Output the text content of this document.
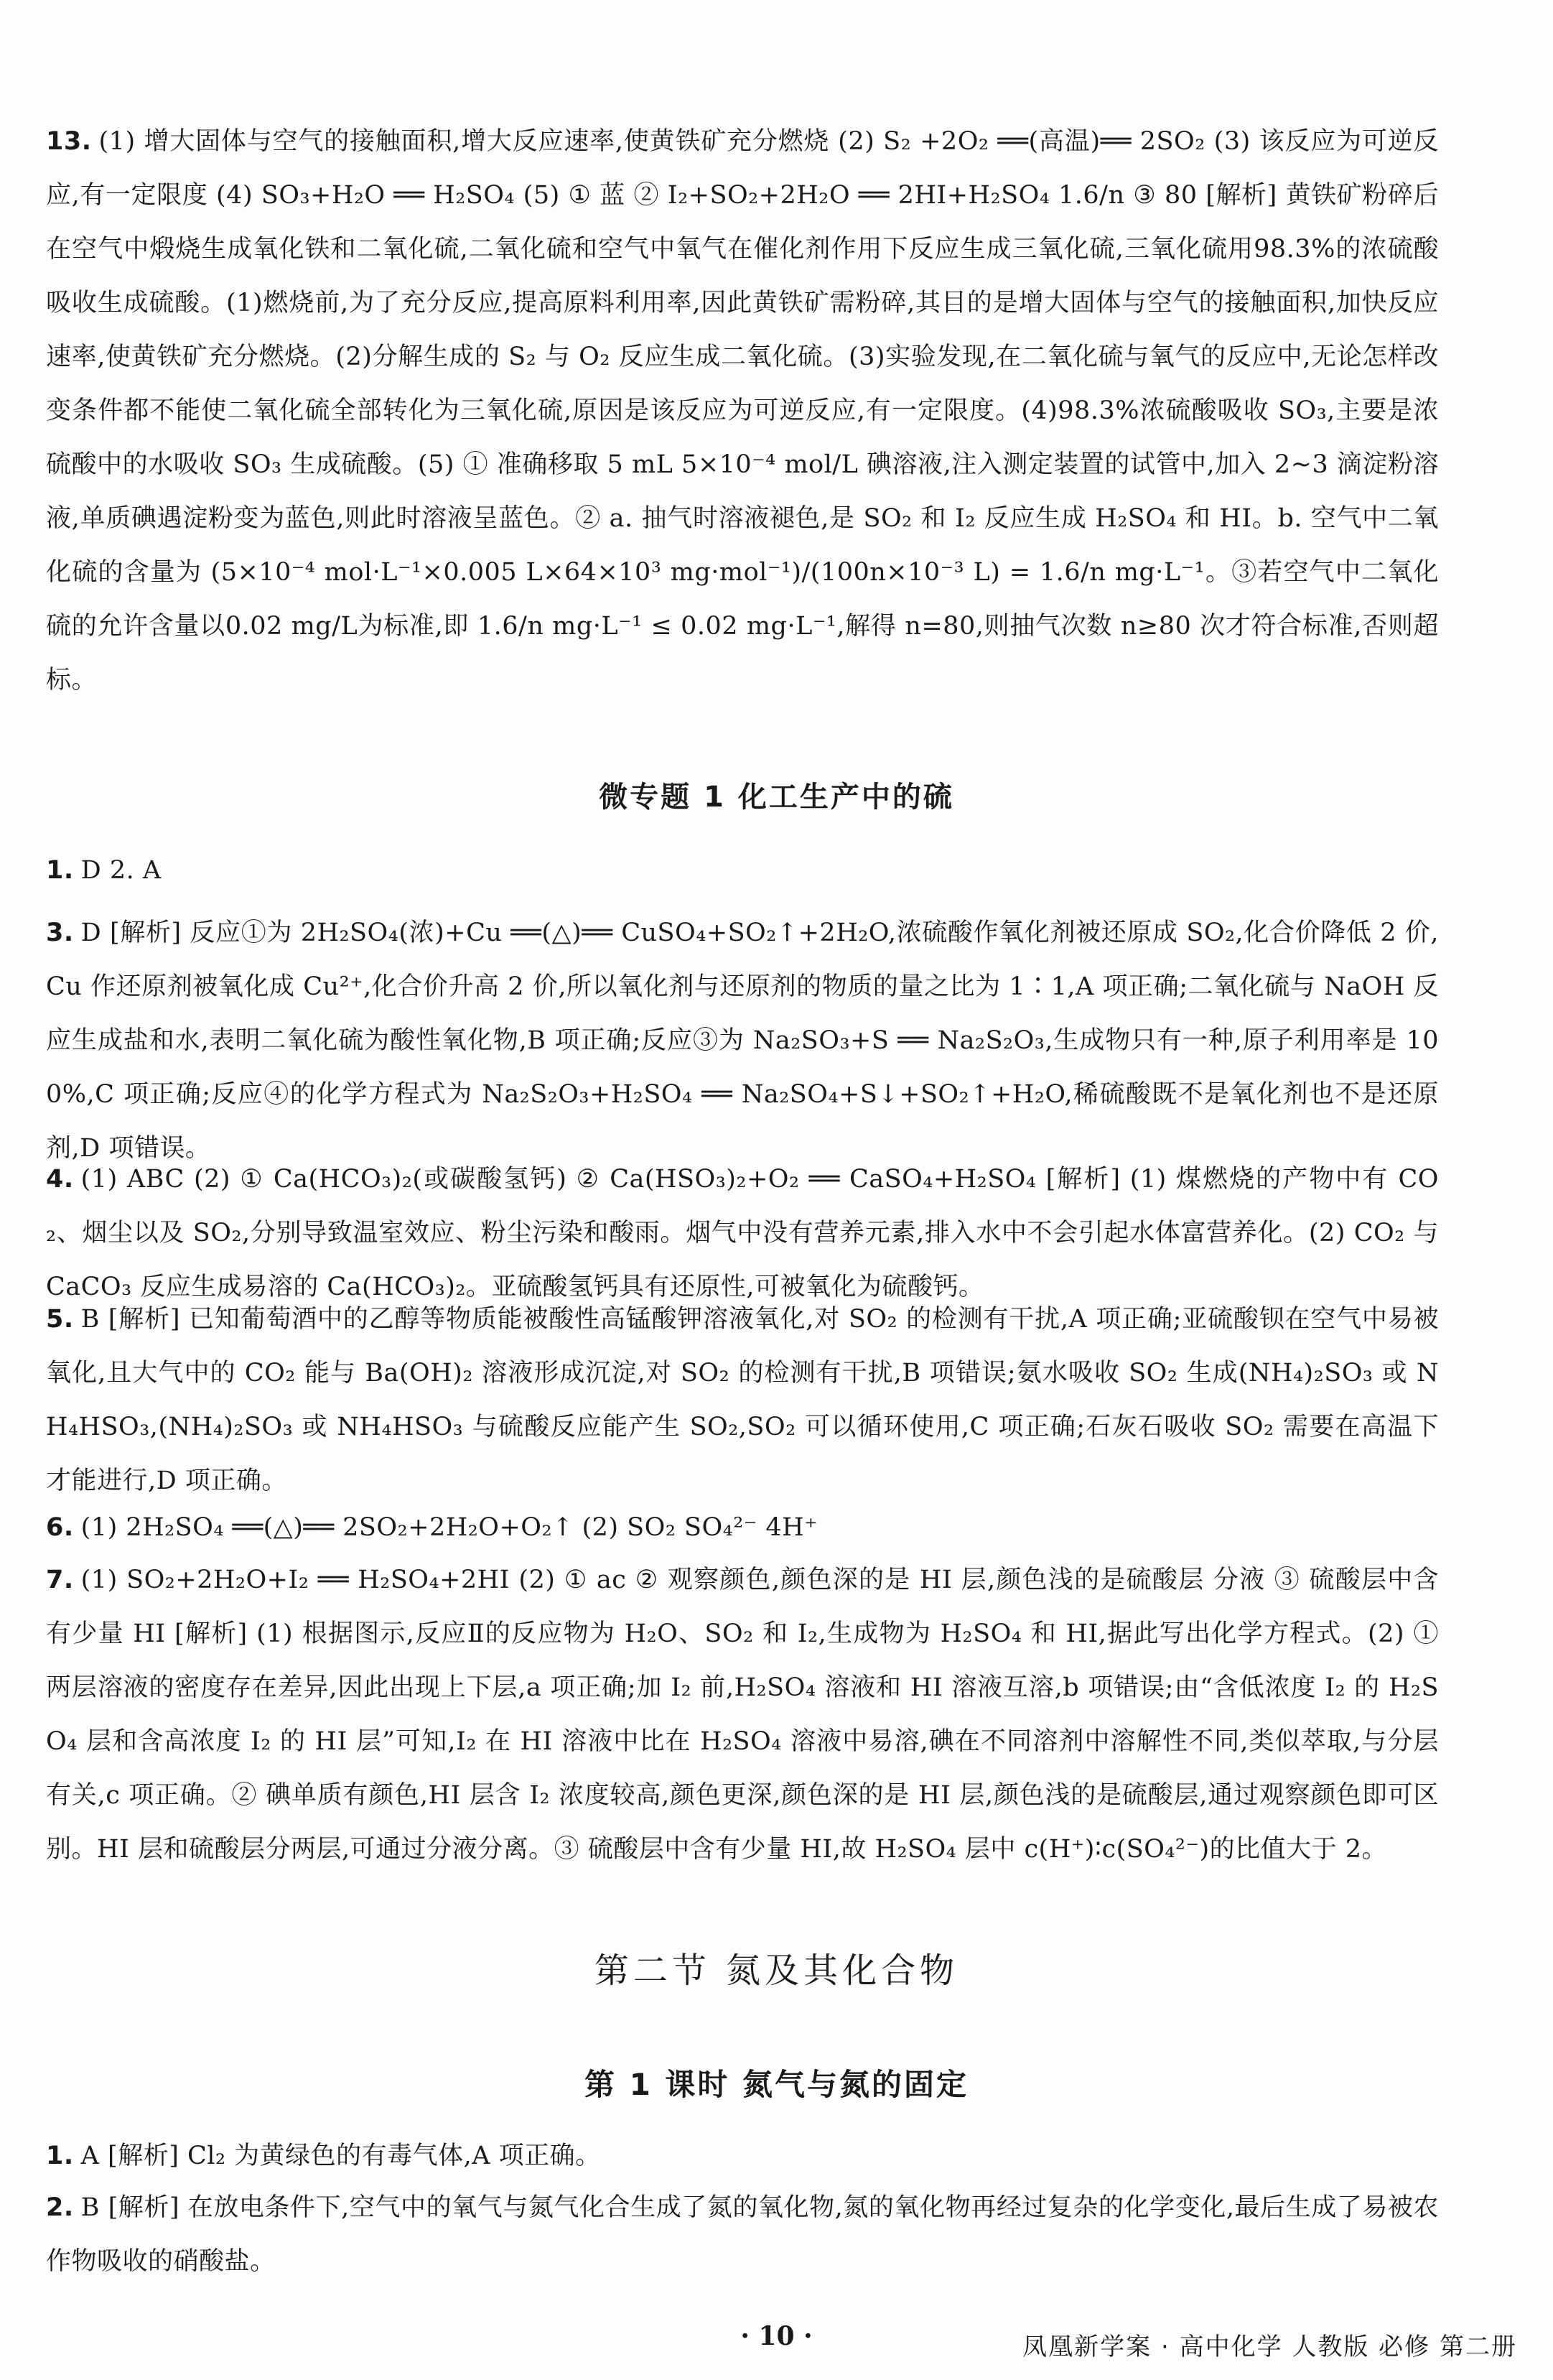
13. (1) 增大固体与空气的接触面积,增大反应速率,使黄铁矿充分燃烧 (2) S₂ +2O₂ ══(高温)══ 2SO₂ (3) 该反应为可逆反应,有一定限度 (4) SO₃+H₂O ══ H₂SO₄ (5) ① 蓝 ② I₂+SO₂+2H₂O ══ 2HI+H₂SO₄ 1.6/n ③ 80 [解析] 黄铁矿粉碎后在空气中煅烧生成氧化铁和二氧化硫,二氧化硫和空气中氧气在催化剂作用下反应生成三氧化硫,三氧化硫用98.3%的浓硫酸吸收生成硫酸。(1)燃烧前,为了充分反应,提高原料利用率,因此黄铁矿需粉碎,其目的是增大固体与空气的接触面积,加快反应速率,使黄铁矿充分燃烧。(2)分解生成的 S₂ 与 O₂ 反应生成二氧化硫。(3)实验发现,在二氧化硫与氧气的反应中,无论怎样改变条件都不能使二氧化硫全部转化为三氧化硫,原因是该反应为可逆反应,有一定限度。(4)98.3%浓硫酸吸收 SO₃,主要是浓硫酸中的水吸收 SO₃ 生成硫酸。(5) ① 准确移取 5 mL 5×10⁻⁴ mol/L 碘溶液,注入测定装置的试管中,加入 2~3 滴淀粉溶液,单质碘遇淀粉变为蓝色,则此时溶液呈蓝色。② a. 抽气时溶液褪色,是 SO₂ 和 I₂ 反应生成 H₂SO₄ 和 HI。b. 空气中二氧化硫的含量为 (5×10⁻⁴ mol·L⁻¹×0.005 L×64×10³ mg·mol⁻¹)/(100n×10⁻³ L) = 1.6/n mg·L⁻¹。③若空气中二氧化硫的允许含量以0.02 mg/L为标准,即 1.6/n mg·L⁻¹ ≤ 0.02 mg·L⁻¹,解得 n=80,则抽气次数 n≥80 次才符合标准,否则超标。
微专题 1 化工生产中的硫
1. D 2. A
3. D [解析] 反应①为 2H₂SO₄(浓)+Cu ══(△)══ CuSO₄+SO₂↑+2H₂O,浓硫酸作氧化剂被还原成 SO₂,化合价降低 2 价,Cu 作还原剂被氧化成 Cu²⁺,化合价升高 2 价,所以氧化剂与还原剂的物质的量之比为 1∶1,A 项正确;二氧化硫与 NaOH 反应生成盐和水,表明二氧化硫为酸性氧化物,B 项正确;反应③为 Na₂SO₃+S ══ Na₂S₂O₃,生成物只有一种,原子利用率是 100%,C 项正确;反应④的化学方程式为 Na₂S₂O₃+H₂SO₄ ══ Na₂SO₄+S↓+SO₂↑+H₂O,稀硫酸既不是氧化剂也不是还原剂,D 项错误。
4. (1) ABC (2) ① Ca(HCO₃)₂(或碳酸氢钙) ② Ca(HSO₃)₂+O₂ ══ CaSO₄+H₂SO₄ [解析] (1) 煤燃烧的产物中有 CO₂、烟尘以及 SO₂,分别导致温室效应、粉尘污染和酸雨。烟气中没有营养元素,排入水中不会引起水体富营养化。(2) CO₂ 与 CaCO₃ 反应生成易溶的 Ca(HCO₃)₂。亚硫酸氢钙具有还原性,可被氧化为硫酸钙。
5. B [解析] 已知葡萄酒中的乙醇等物质能被酸性高锰酸钾溶液氧化,对 SO₂ 的检测有干扰,A 项正确;亚硫酸钡在空气中易被氧化,且大气中的 CO₂ 能与 Ba(OH)₂ 溶液形成沉淀,对 SO₂ 的检测有干扰,B 项错误;氨水吸收 SO₂ 生成(NH₄)₂SO₃ 或 NH₄HSO₃,(NH₄)₂SO₃ 或 NH₄HSO₃ 与硫酸反应能产生 SO₂,SO₂ 可以循环使用,C 项正确;石灰石吸收 SO₂ 需要在高温下才能进行,D 项正确。
6. (1) 2H₂SO₄ ══(△)══ 2SO₂+2H₂O+O₂↑ (2) SO₂ SO₄²⁻ 4H⁺
7. (1) SO₂+2H₂O+I₂ ══ H₂SO₄+2HI (2) ① ac ② 观察颜色,颜色深的是 HI 层,颜色浅的是硫酸层 分液 ③ 硫酸层中含有少量 HI [解析] (1) 根据图示,反应Ⅱ的反应物为 H₂O、SO₂ 和 I₂,生成物为 H₂SO₄ 和 HI,据此写出化学方程式。(2) ① 两层溶液的密度存在差异,因此出现上下层,a 项正确;加 I₂ 前,H₂SO₄ 溶液和 HI 溶液互溶,b 项错误;由“含低浓度 I₂ 的 H₂SO₄ 层和含高浓度 I₂ 的 HI 层”可知,I₂ 在 HI 溶液中比在 H₂SO₄ 溶液中易溶,碘在不同溶剂中溶解性不同,类似萃取,与分层有关,c 项正确。② 碘单质有颜色,HI 层含 I₂ 浓度较高,颜色更深,颜色深的是 HI 层,颜色浅的是硫酸层,通过观察颜色即可区别。HI 层和硫酸层分两层,可通过分液分离。③ 硫酸层中含有少量 HI,故 H₂SO₄ 层中 c(H⁺)∶c(SO₄²⁻)的比值大于 2。
第二节 氮及其化合物
第 1 课时 氮气与氮的固定
1. A [解析] Cl₂ 为黄绿色的有毒气体,A 项正确。
2. B [解析] 在放电条件下,空气中的氧气与氮气化合生成了氮的氧化物,氮的氧化物再经过复杂的化学变化,最后生成了易被农作物吸收的硝酸盐。
· 10 ·	凤凰新学案 · 高中化学 人教版 必修 第二册
